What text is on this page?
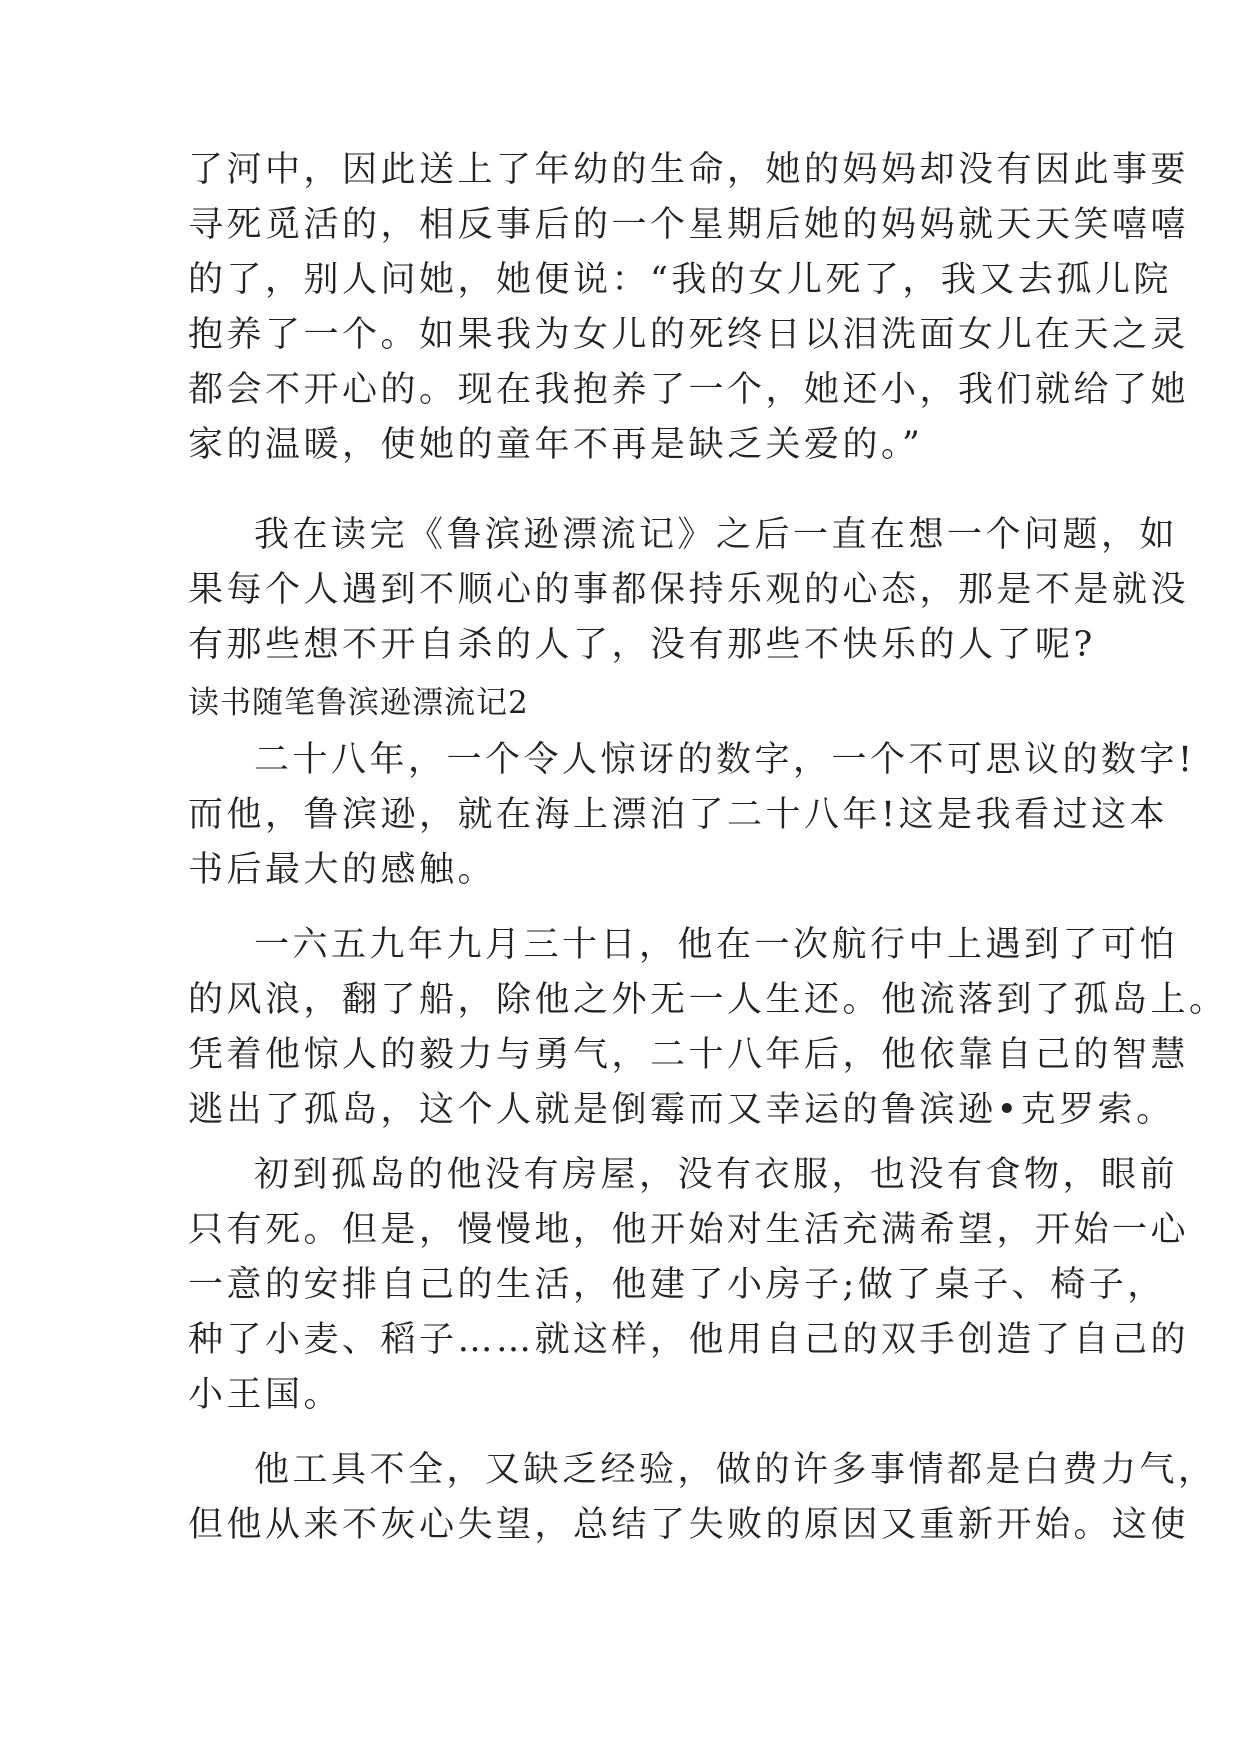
了河中，因此送上了年幼的生命，她的妈妈却没有因此事要
寻死觅活的，相反事后的一个星期后她的妈妈就天天笑嘻嘻
的了，别人问她，她便说：“我的女儿死了，我又去孤儿院
抱养了一个。如果我为女儿的死终日以泪洗面女儿在天之灵
都会不开心的。现在我抱养了一个，她还小，我们就给了她
家的温暖，使她的童年不再是缺乏关爱的。”
我在读完《鲁滨逊漂流记》之后一直在想一个问题，如
果每个人遇到不顺心的事都保持乐观的心态，那是不是就没
有那些想不开自杀的人了，没有那些不快乐的人了呢?
读书随笔鲁滨逊漂流记2
二十八年，一个令人惊讶的数字，一个不可思议的数字!
而他，鲁滨逊，就在海上漂泊了二十八年!这是我看过这本
书后最大的感触。
一六五九年九月三十日，他在一次航行中上遇到了可怕
的风浪，翻了船，除他之外无一人生还。他流落到了孤岛上。
凭着他惊人的毅力与勇气，二十八年后，他依靠自己的智慧
逃出了孤岛，这个人就是倒霉而又幸运的鲁滨逊•克罗索。
初到孤岛的他没有房屋，没有衣服，也没有食物，眼前
只有死。但是，慢慢地，他开始对生活充满希望，开始一心
一意的安排自己的生活，他建了小房子;做了桌子、椅子，
种了小麦、稻子……就这样，他用自己的双手创造了自己的
小王国。
他工具不全，又缺乏经验，做的许多事情都是白费力气，
但他从来不灰心失望，总结了失败的原因又重新开始。这使
